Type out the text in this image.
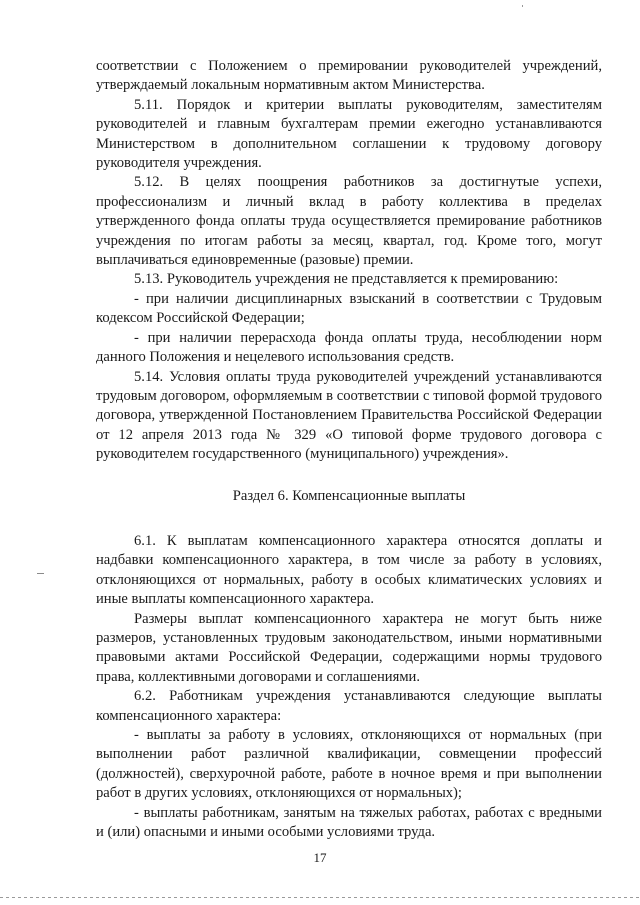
соответствии с Положением о премировании руководителей учреждений, утверждаемый локальным нормативным актом Министерства.

5.11. Порядок и критерии выплаты руководителям, заместителям руководителей и главным бухгалтерам премии ежегодно устанавливаются Министерством в дополнительном соглашении к трудовому договору руководителя учреждения.

5.12. В целях поощрения работников за достигнутые успехи, профессионализм и личный вклад в работу коллектива в пределах утвержденного фонда оплаты труда осуществляется премирование работников учреждения по итогам работы за месяц, квартал, год. Кроме того, могут выплачиваться единовременные (разовые) премии.

5.13. Руководитель учреждения не представляется к премированию:

- при наличии дисциплинарных взысканий в соответствии с Трудовым кодексом Российской Федерации;

- при наличии перерасхода фонда оплаты труда, несоблюдении норм данного Положения и нецелевого использования средств.

5.14. Условия оплаты труда руководителей учреждений устанавливаются трудовым договором, оформляемым в соответствии с типовой формой трудового договора, утвержденной Постановлением Правительства Российской Федерации от 12 апреля 2013 года № 329 «О типовой форме трудового договора с руководителем государственного (муниципального) учреждения».

Раздел 6. Компенсационные выплаты

6.1. К выплатам компенсационного характера относятся доплаты и надбавки компенсационного характера, в том числе за работу в условиях, отклоняющихся от нормальных, работу в особых климатических условиях и иные выплаты компенсационного характера.

Размеры выплат компенсационного характера не могут быть ниже размеров, установленных трудовым законодательством, иными нормативными правовыми актами Российской Федерации, содержащими нормы трудового права, коллективными договорами и соглашениями.

6.2. Работникам учреждения устанавливаются следующие выплаты компенсационного характера:

- выплаты за работу в условиях, отклоняющихся от нормальных (при выполнении работ различной квалификации, совмещении профессий (должностей), сверхурочной работе, работе в ночное время и при выполнении работ в других условиях, отклоняющихся от нормальных);

- выплаты работникам, занятым на тяжелых работах, работах с вредными и (или) опасными и иными особыми условиями труда.

17
